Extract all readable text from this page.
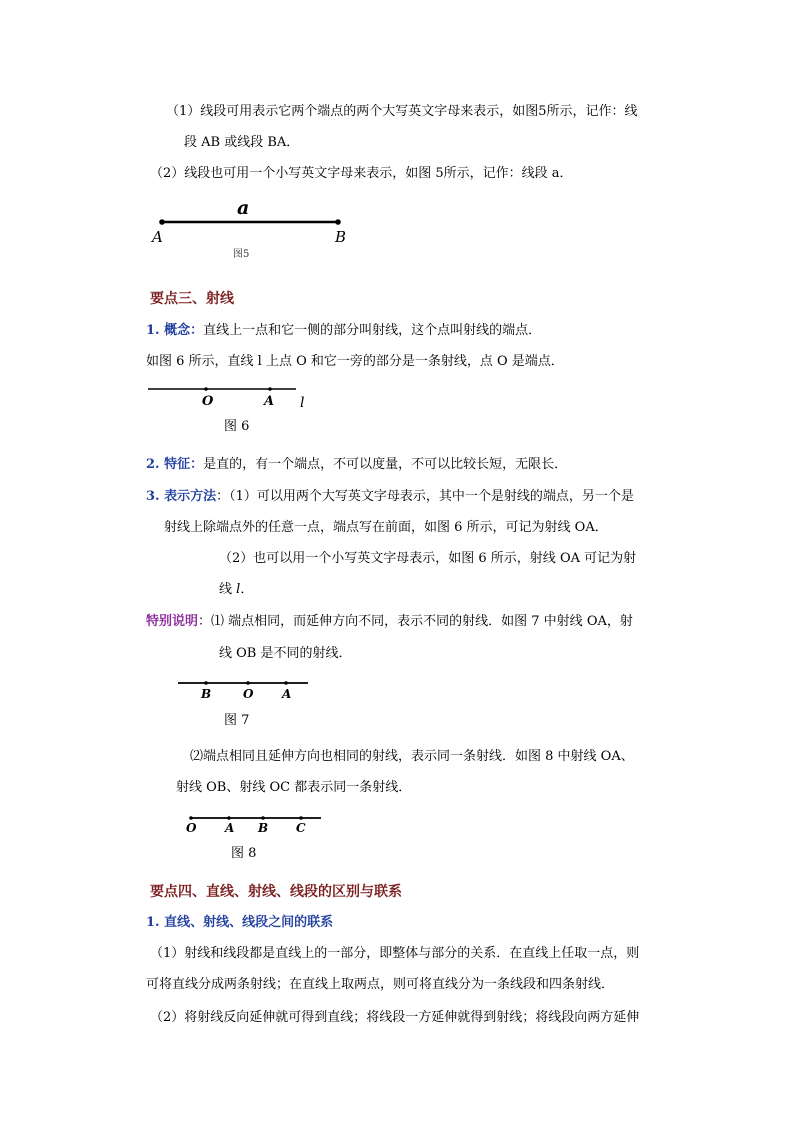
（1）线段可用表示它两个端点的两个大写英文字母来表示，如图5所示，记作：线
段 AB 或线段 BA．
（2）线段也可用一个小写英文字母来表示，如图 5所示，记作：线段 a．
a
A	B
图5
要点三、射线
1. 概念：直线上一点和它一侧的部分叫射线，这个点叫射线的端点．
如图 6 所示，直线 l 上点 O 和它一旁的部分是一条射线，点 O 是端点．
O	A l
图 6
2. 特征：是直的，有一个端点，不可以度量，不可以比较长短，无限长．
3. 表示方法：（1）可以用两个大写英文字母表示，其中一个是射线的端点，另一个是
射线上除端点外的任意一点，端点写在前面，如图 6 所示，可记为射线 OA．
（2）也可以用一个小写英文字母表示，如图 6 所示，射线 OA 可记为射
线 l．
特别说明：⑴ 端点相同，而延伸方向不同，表示不同的射线．如图 7 中射线 OA，射
线 OB 是不同的射线．
B	O A
图 7
⑵端点相同且延伸方向也相同的射线，表示同一条射线．如图 8 中射线 OA、
射线 OB、射线 OC 都表示同一条射线．
O A B C
图 8
要点四、直线、射线、线段的区别与联系
1. 直线、射线、线段之间的联系
（1）射线和线段都是直线上的一部分，即整体与部分的关系．在直线上任取一点，则
可将直线分成两条射线；在直线上取两点，则可将直线分为一条线段和四条射线．
（2）将射线反向延伸就可得到直线；将线段一方延伸就得到射线；将线段向两方延伸
